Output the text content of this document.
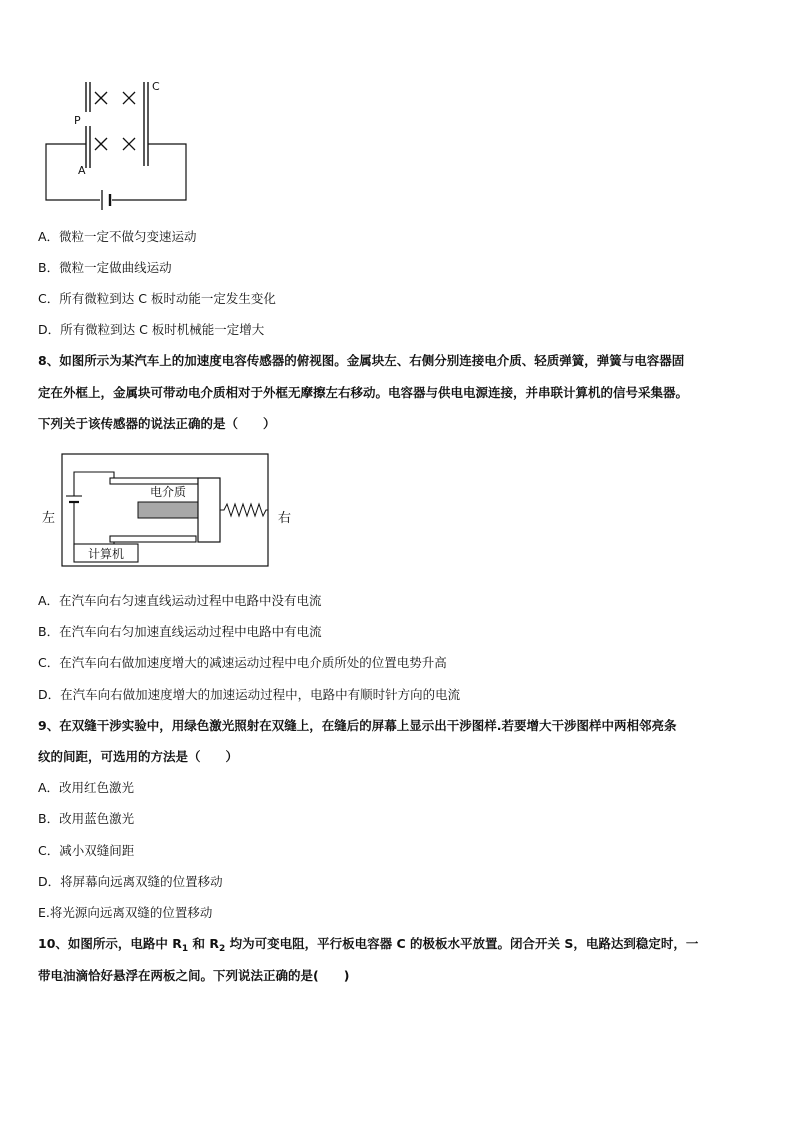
P
A
C
A．微粒一定不做匀变速运动
B．微粒一定做曲线运动
C．所有微粒到达 C 板时动能一定发生变化
D．所有微粒到达 C 板时机械能一定增大
8、如图所示为某汽车上的加速度电容传感器的俯视图。金属块左、右侧分别连接电介质、轻质弹簧，弹簧与电容器固
定在外框上，金属块可带动电介质相对于外框无摩擦左右移动。电容器与供电电源连接，并串联计算机的信号采集器。
下列关于该传感器的说法正确的是（　　）
计算机
电介质
左	右
A．在汽车向右匀速直线运动过程中电路中没有电流
B．在汽车向右匀加速直线运动过程中电路中有电流
C．在汽车向右做加速度增大的减速运动过程中电介质所处的位置电势升高
D．在汽车向右做加速度增大的加速运动过程中，电路中有顺时针方向的电流
9、在双缝干涉实验中，用绿色激光照射在双缝上，在缝后的屏幕上显示出干涉图样.若要增大干涉图样中两相邻亮条
纹的间距，可选用的方法是（　　）
A．改用红色激光
B．改用蓝色激光
C．减小双缝间距
D．将屏幕向远离双缝的位置移动
E.将光源向远离双缝的位置移动
10、如图所示，电路中 $R_1$ 和 $R_2$ 均为可变电阻，平行板电容器 C 的极板水平放置。闭合开关 S，电路达到稳定时，一
带电油滴恰好悬浮在两板之间。下列说法正确的是(　　)
